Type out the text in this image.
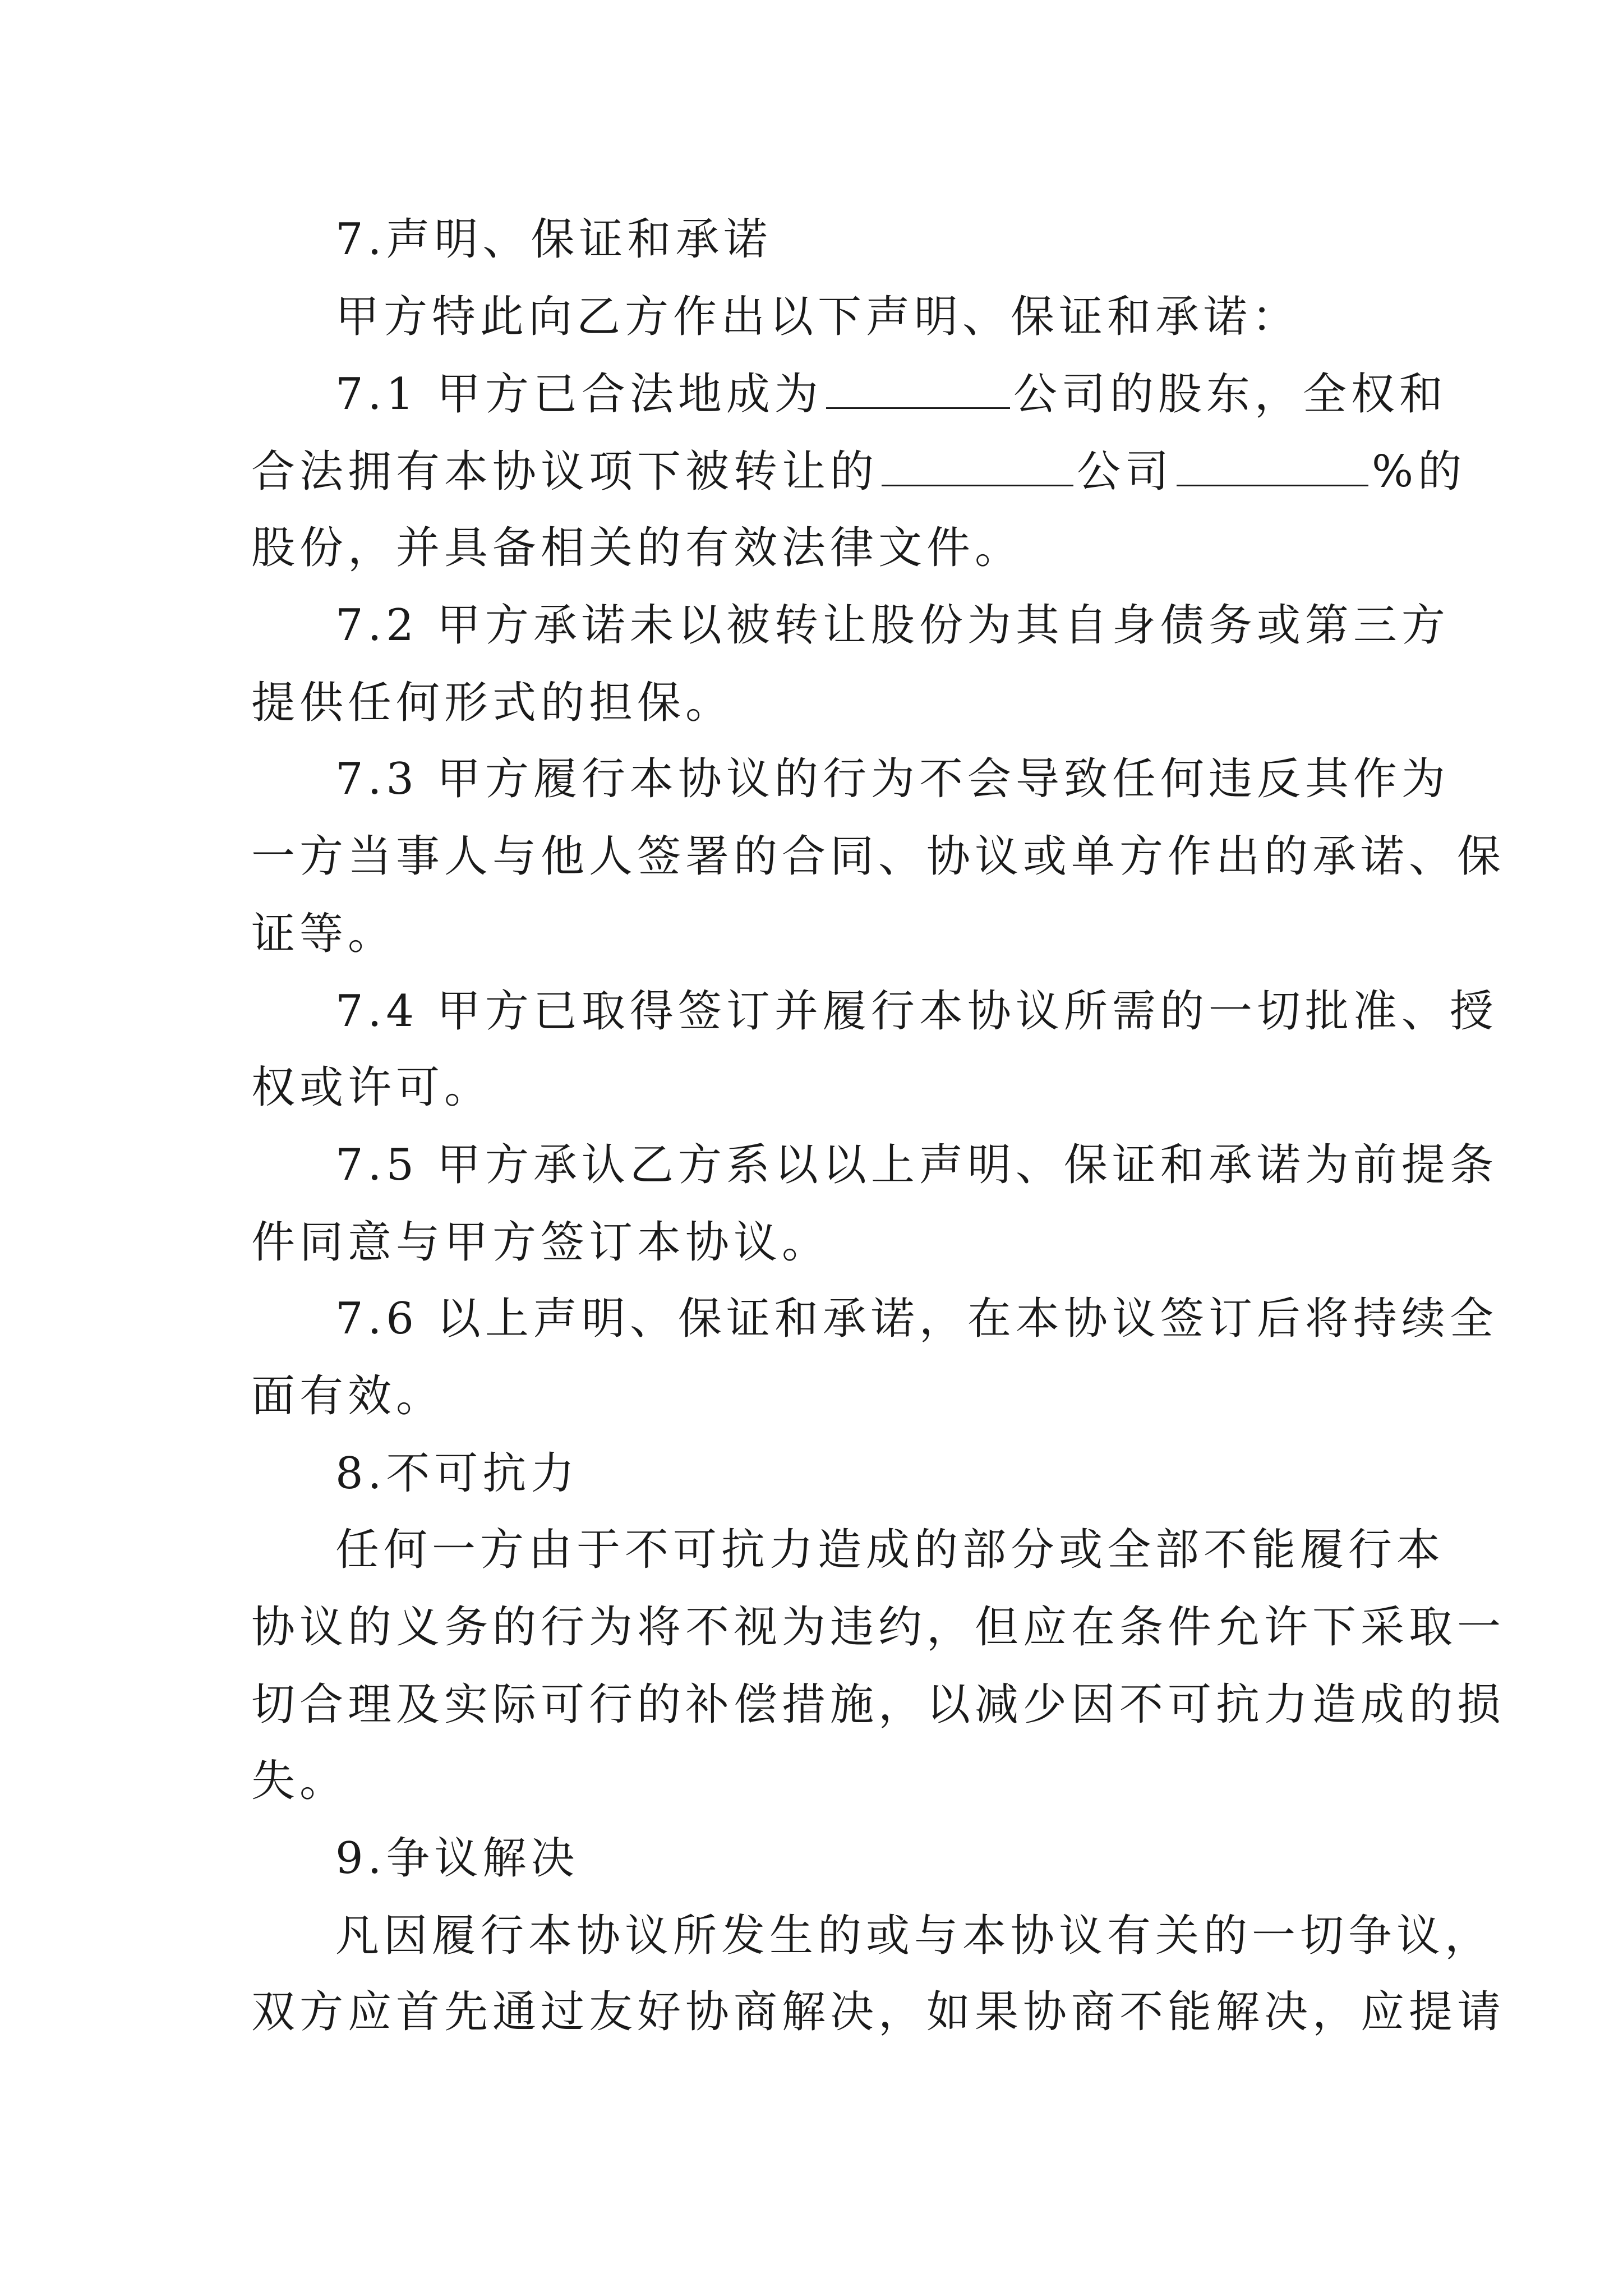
7.声明、保证和承诺
甲方特此向乙方作出以下声明、保证和承诺：
7.1 甲方已合法地成为	公司的股东，全权和
合法拥有本协议项下被转让的	公司	%的
股份，并具备相关的有效法律文件。
7.2 甲方承诺未以被转让股份为其自身债务或第三方
提供任何形式的担保。
7.3 甲方履行本协议的行为不会导致任何违反其作为
一方当事人与他人签署的合同、协议或单方作出的承诺、保
证等。
7.4 甲方已取得签订并履行本协议所需的一切批准、授
权或许可。
7.5 甲方承认乙方系以以上声明、保证和承诺为前提条
件同意与甲方签订本协议。
7.6 以上声明、保证和承诺，在本协议签订后将持续全
面有效。
8.不可抗力
任何一方由于不可抗力造成的部分或全部不能履行本
协议的义务的行为将不视为违约，但应在条件允许下采取一
切合理及实际可行的补偿措施，以减少因不可抗力造成的损
失。
9.争议解决
凡因履行本协议所发生的或与本协议有关的一切争议，
双方应首先通过友好协商解决，如果协商不能解决，应提请
